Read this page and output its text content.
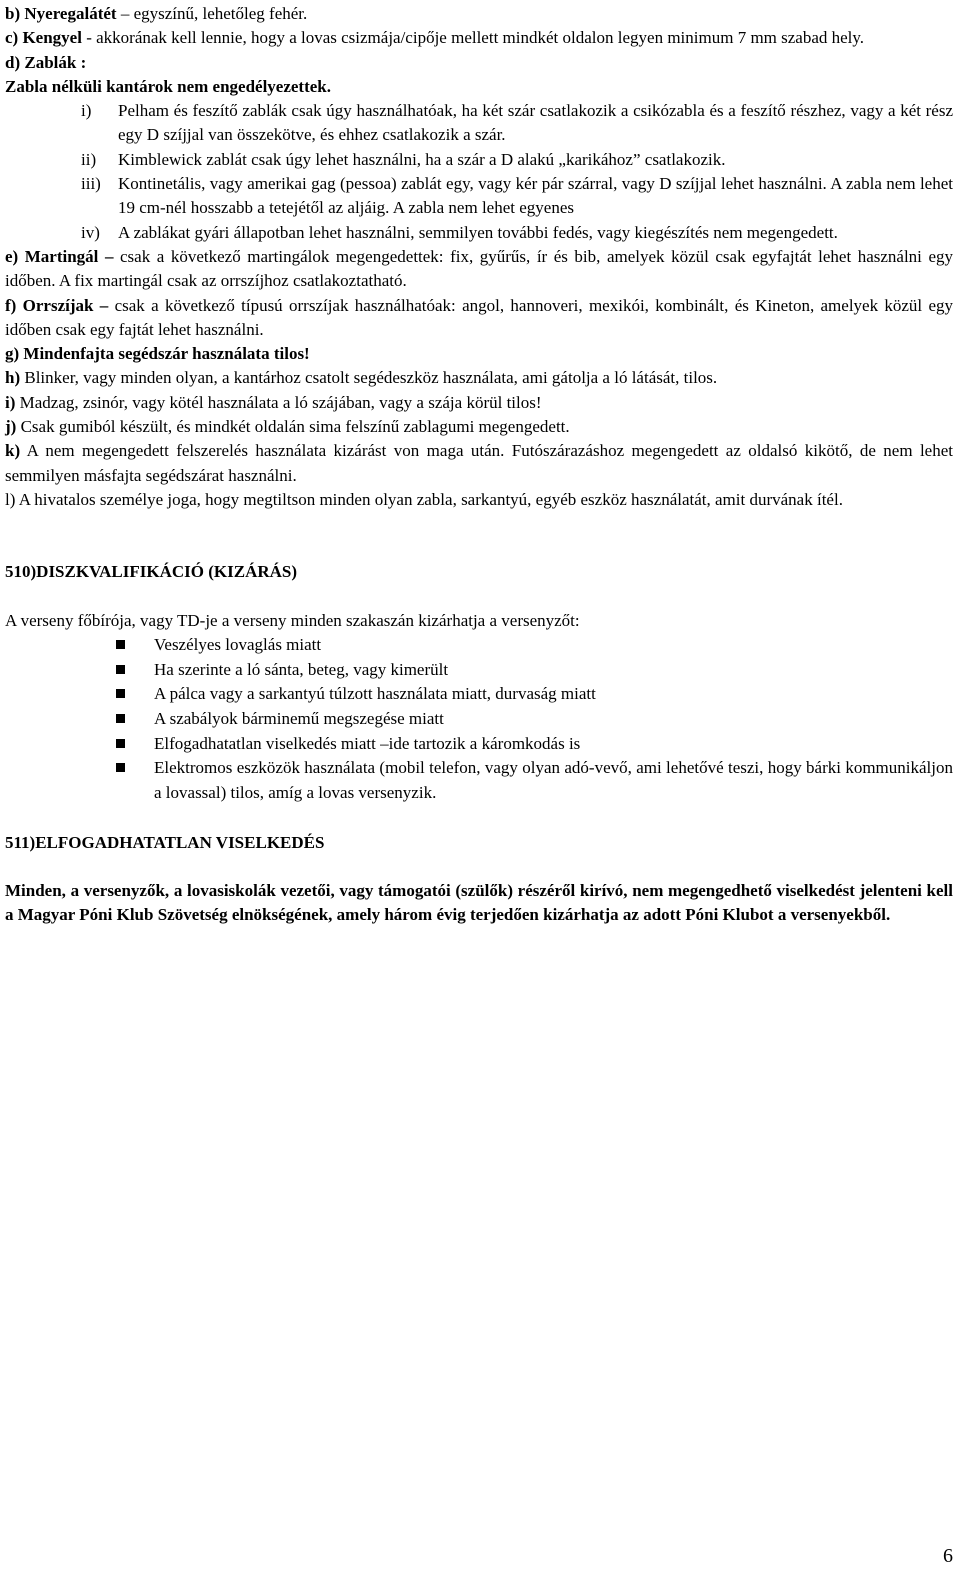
b) Nyeregalátét – egyszínű, lehetőleg fehér.

c) Kengyel - akkorának kell lennie, hogy a lovas csizmája/cipője mellett mindkét oldalon legyen minimum 7 mm szabad hely.

d) Zablák :

Zabla nélküli kantárok nem engedélyezettek.

i)	Pelham és feszítő zablák csak úgy használhatóak, ha két szár csatlakozik a csikózabla és a feszítő részhez, vagy a két rész egy D szíjjal van összekötve, és ehhez csatlakozik a szár.
ii)	Kimblewick zablát csak úgy lehet használni, ha a szár a D alakú „karikához” csatlakozik.
iii)	Kontinetális, vagy amerikai gag (pessoa) zablát egy, vagy kér pár szárral, vagy D szíjjal lehet használni. A zabla nem lehet 19 cm-nél hosszabb a tetejétől az aljáig. A zabla nem lehet egyenes
iv)	A zablákat gyári állapotban lehet használni, semmilyen további fedés, vagy kiegészítés nem megengedett.

e) Martingál – csak a következő martingálok megengedettek: fix, gyűrűs, ír és bib, amelyek közül csak egyfajtát lehet használni egy időben. A fix martingál csak az orrszíjhoz csatlakoztatható.

f) Orrszíjak – csak a következő típusú orrszíjak használhatóak: angol, hannoveri, mexikói, kombinált, és Kineton, amelyek közül egy időben csak egy fajtát lehet használni.

g) Mindenfajta segédszár használata tilos!

h) Blinker, vagy minden olyan, a kantárhoz csatolt segédeszköz használata, ami gátolja a ló látását, tilos.

i) Madzag, zsinór, vagy kötél használata a ló szájában, vagy a szája körül tilos!

j) Csak gumiból készült, és mindkét oldalán sima felszínű zablagumi megengedett.

k) A nem megengedett felszerelés használata kizárást von maga után. Futószárazáshoz megengedett az oldalsó kikötő, de nem lehet semmilyen másfajta segédszárat használni.

l) A hivatalos személye joga, hogy megtiltson minden olyan zabla, sarkantyú, egyéb eszköz használatát, amit durvának ítél.

510)DISZKVALIFIKÁCIÓ (KIZÁRÁS)

A verseny főbírója, vagy TD-je a verseny minden szakaszán kizárhatja a versenyzőt:

Veszélyes lovaglás miatt
Ha szerinte a ló sánta, beteg, vagy kimerült
A pálca vagy a sarkantyú túlzott használata miatt, durvaság miatt
A szabályok bárminemű megszegése miatt
Elfogadhatatlan viselkedés miatt –ide tartozik a káromkodás is
Elektromos eszközök használata (mobil telefon, vagy olyan adó-vevő, ami lehetővé teszi, hogy bárki kommunikáljon a lovassal) tilos, amíg a lovas versenyzik.

511)ELFOGADHATATLAN VISELKEDÉS

Minden, a versenyzők, a lovasiskolák vezetői, vagy támogatói (szülők) részéről kirívó, nem megengedhető viselkedést jelenteni kell a Magyar Póni Klub Szövetség elnökségének, amely három évig terjedően kizárhatja az adott Póni Klubot a versenyekből.

6
